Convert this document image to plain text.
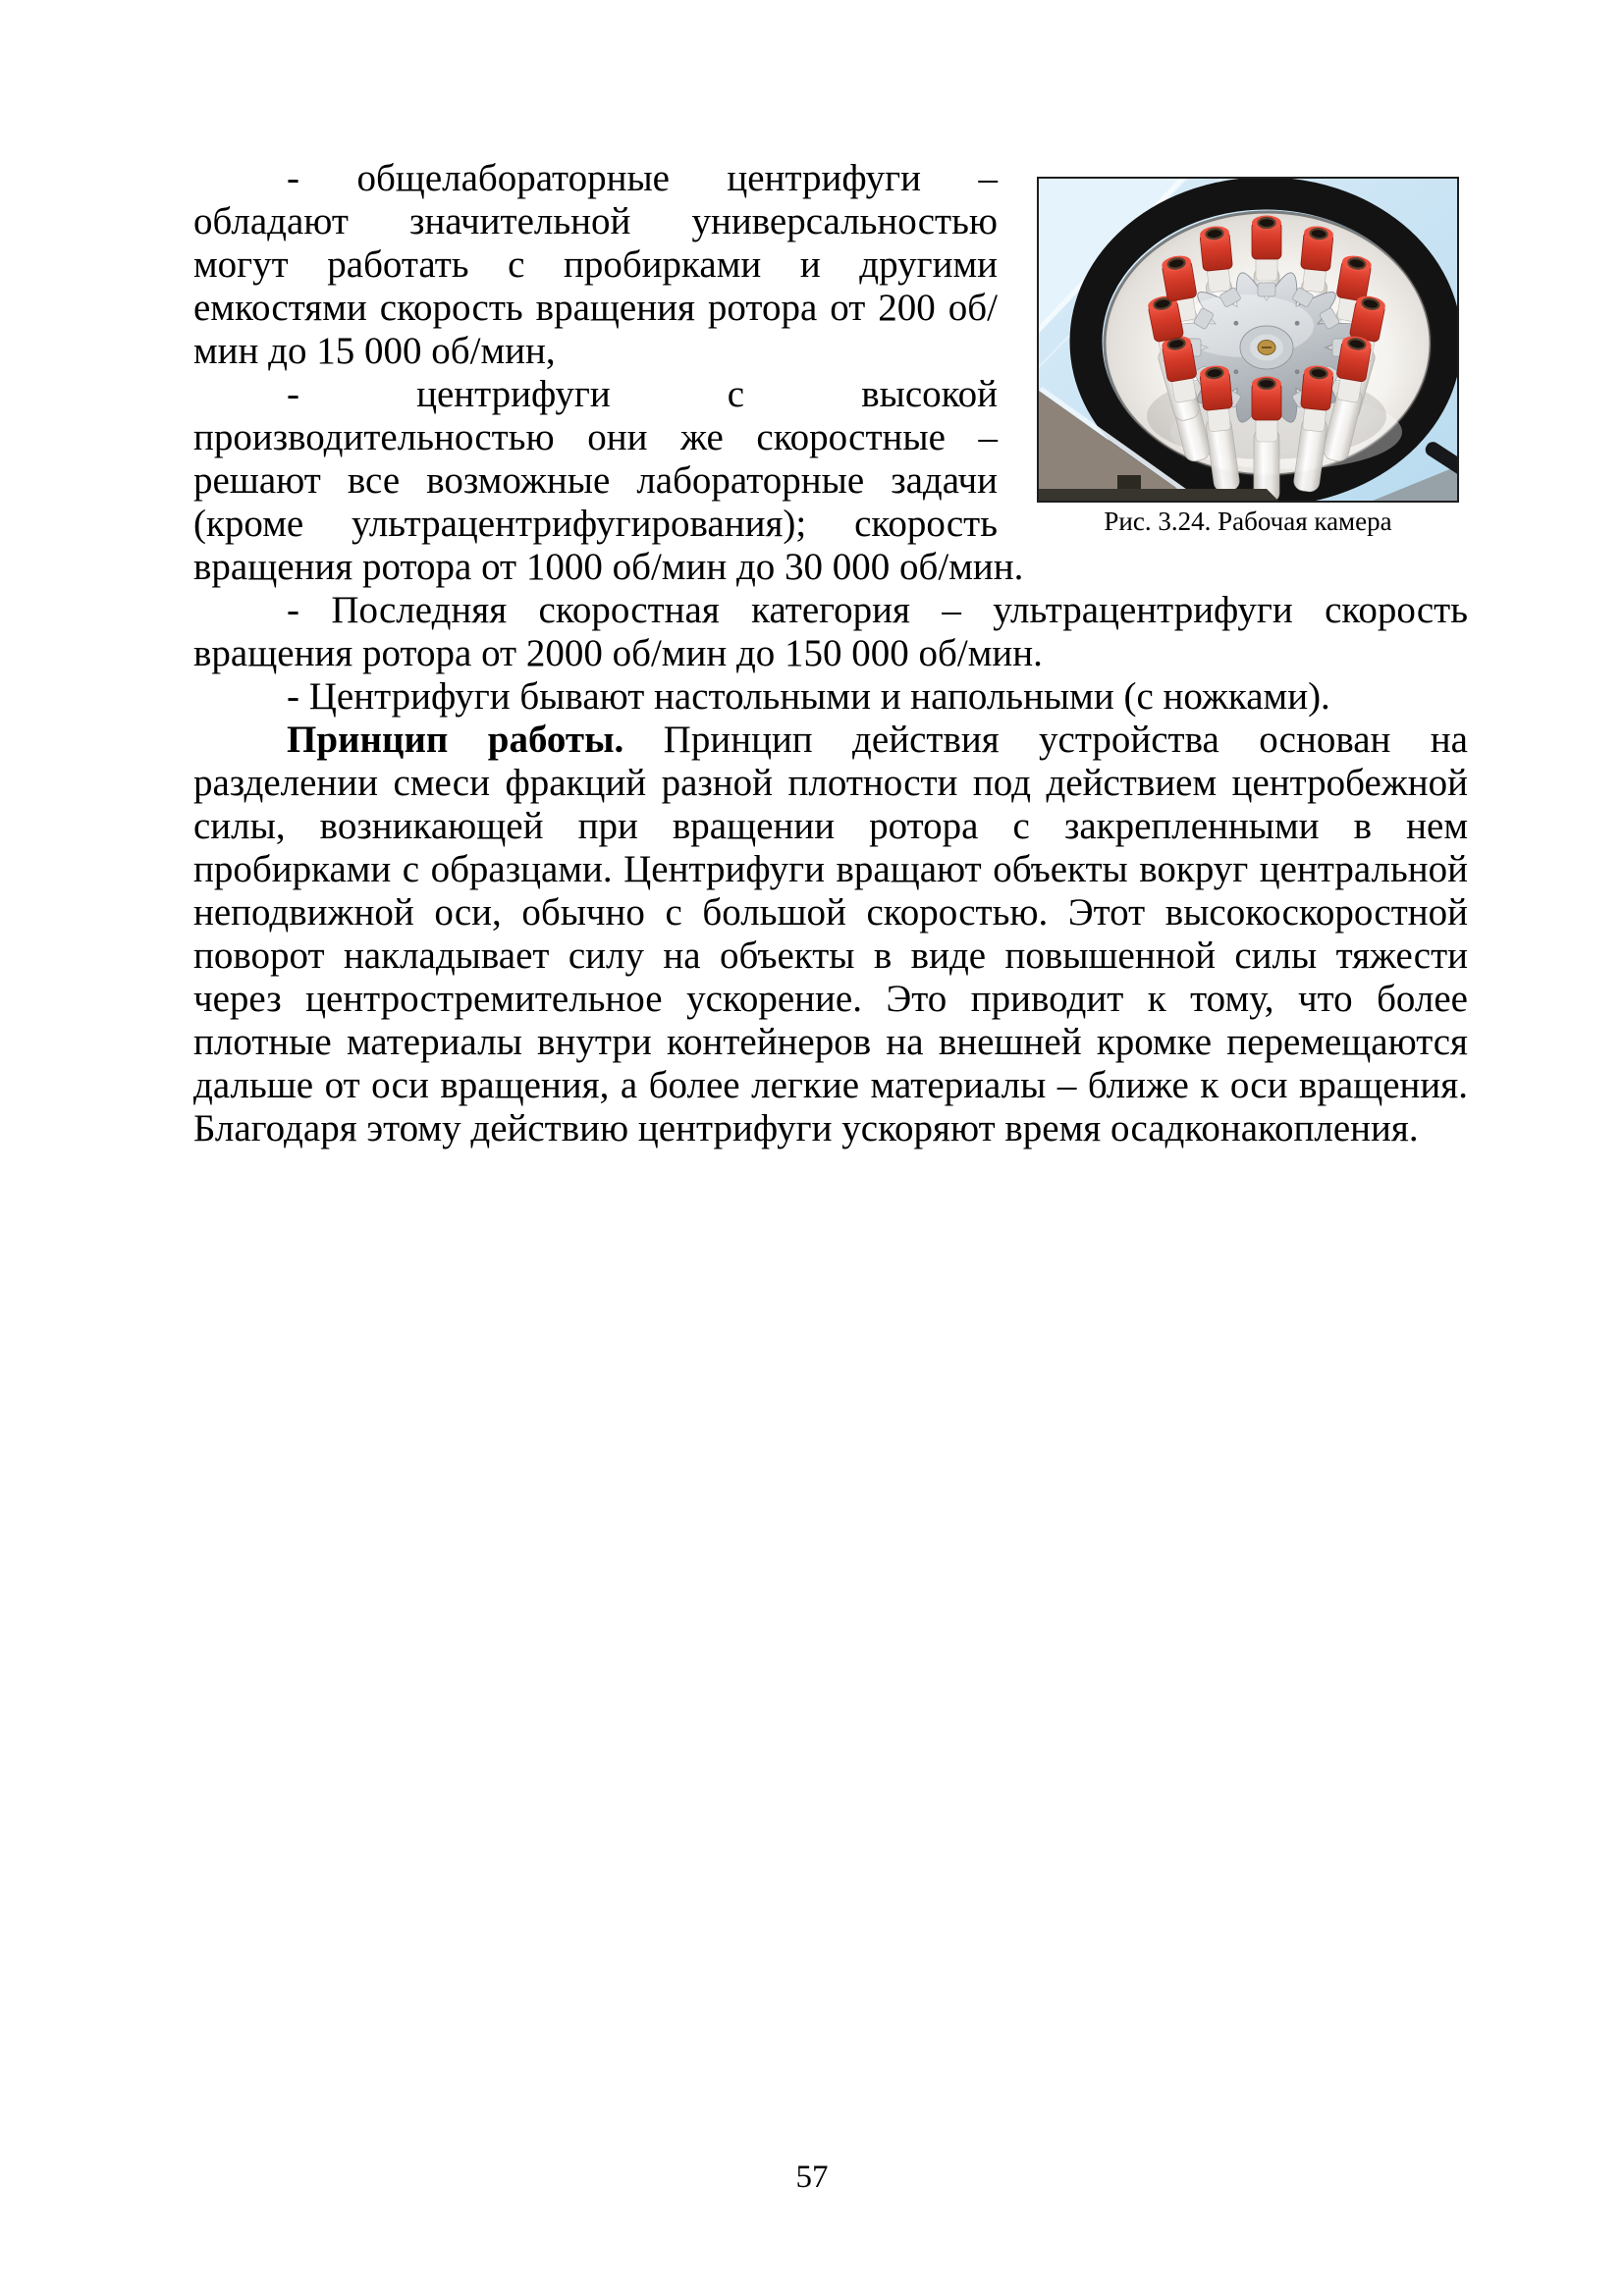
Рис. 3.24. Рабочая камера

- общелабораторные центрифуги – обладают значительной универсальностью могут работать с пробирками и другими емкостями скорость вращения ротора от 200 об/мин до 15 000 об/мин,

- центрифуги с высокой производительностью они же скоростные – решают все возможные лабораторные задачи (кроме ультрацентрифугирования); скорость вращения ротора от 1000 об/мин до 30 000 об/мин.

- Последняя скоростная категория – ультрацентрифуги скорость вращения ротора от 2000 об/мин до 150 000 об/мин.

- Центрифуги бывают настольными и напольными (с ножками).

Принцип работы. Принцип действия устройства основан на разделении смеси фракций разной плотности под действием центробежной силы, возникающей при вращении ротора с закрепленными в нем пробирками с образцами. Центрифуги вращают объекты вокруг центральной неподвижной оси, обычно с большой скоростью. Этот высокоскоростной поворот накладывает силу на объекты в виде повышенной силы тяжести через центростремительное ускорение. Это приводит к тому, что более плотные материалы внутри контейнеров на внешней кромке перемещаются дальше от оси вращения, а более легкие материалы – ближе к оси вращения. Благодаря этому действию центрифуги ускоряют время осадконакопления.

57
